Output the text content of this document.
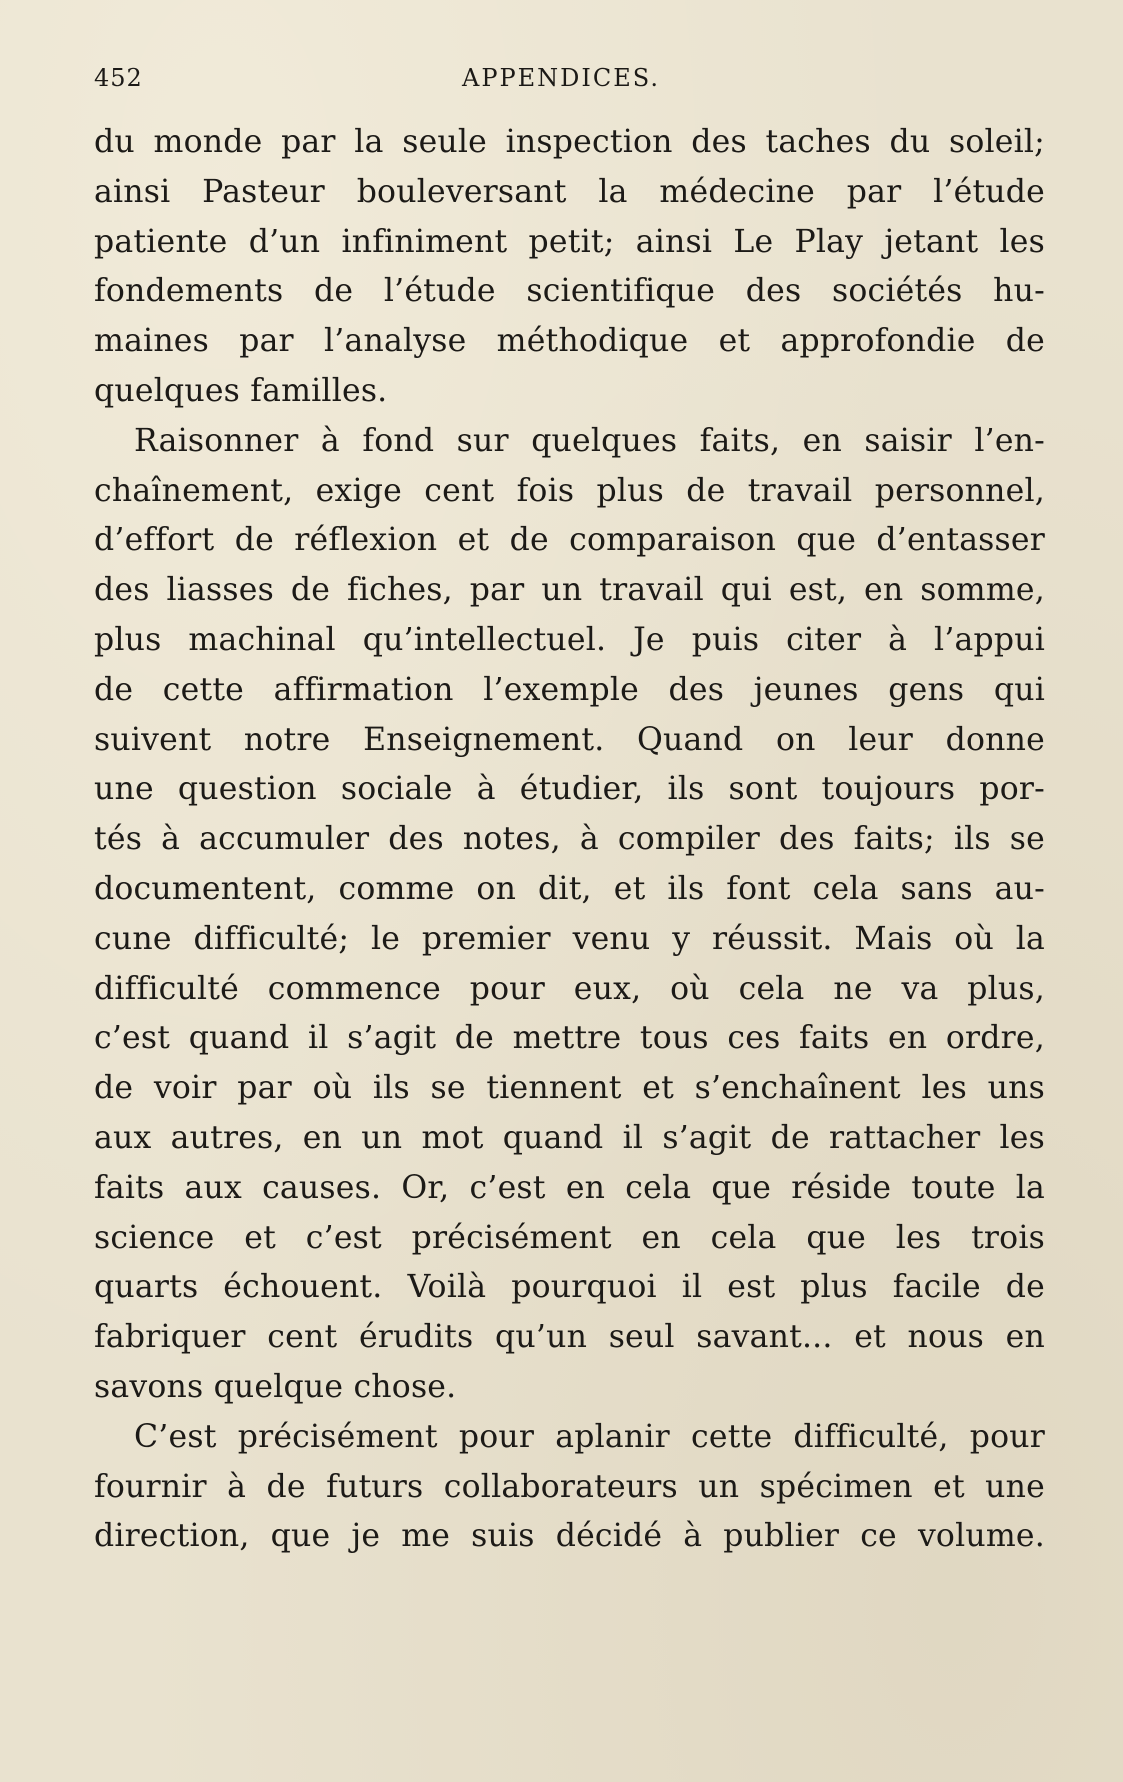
452	APPENDICES.
du monde par la seule inspection des taches du soleil;
ainsi Pasteur bouleversant la médecine par l’étude
patiente d’un infiniment petit; ainsi Le Play jetant les
fondements de l’étude scientifique des sociétés hu-
maines par l’analyse méthodique et approfondie de
quelques familles.
Raisonner à fond sur quelques faits, en saisir l’en-
chaînement, exige cent fois plus de travail personnel,
d’effort de réflexion et de comparaison que d’entasser
des liasses de fiches, par un travail qui est, en somme,
plus machinal qu’intellectuel. Je puis citer à l’appui
de cette affirmation l’exemple des jeunes gens qui
suivent notre Enseignement. Quand on leur donne
une question sociale à étudier, ils sont toujours por-
tés à accumuler des notes, à compiler des faits; ils se
documentent, comme on dit, et ils font cela sans au-
cune difficulté; le premier venu y réussit. Mais où la
difficulté commence pour eux, où cela ne va plus,
c’est quand il s’agit de mettre tous ces faits en ordre,
de voir par où ils se tiennent et s’enchaînent les uns
aux autres, en un mot quand il s’agit de rattacher les
faits aux causes. Or, c’est en cela que réside toute la
science et c’est précisément en cela que les trois
quarts échouent. Voilà pourquoi il est plus facile de
fabriquer cent érudits qu’un seul savant... et nous en
savons quelque chose.
C’est précisément pour aplanir cette difficulté, pour
fournir à de futurs collaborateurs un spécimen et une
direction, que je me suis décidé à publier ce volume.
